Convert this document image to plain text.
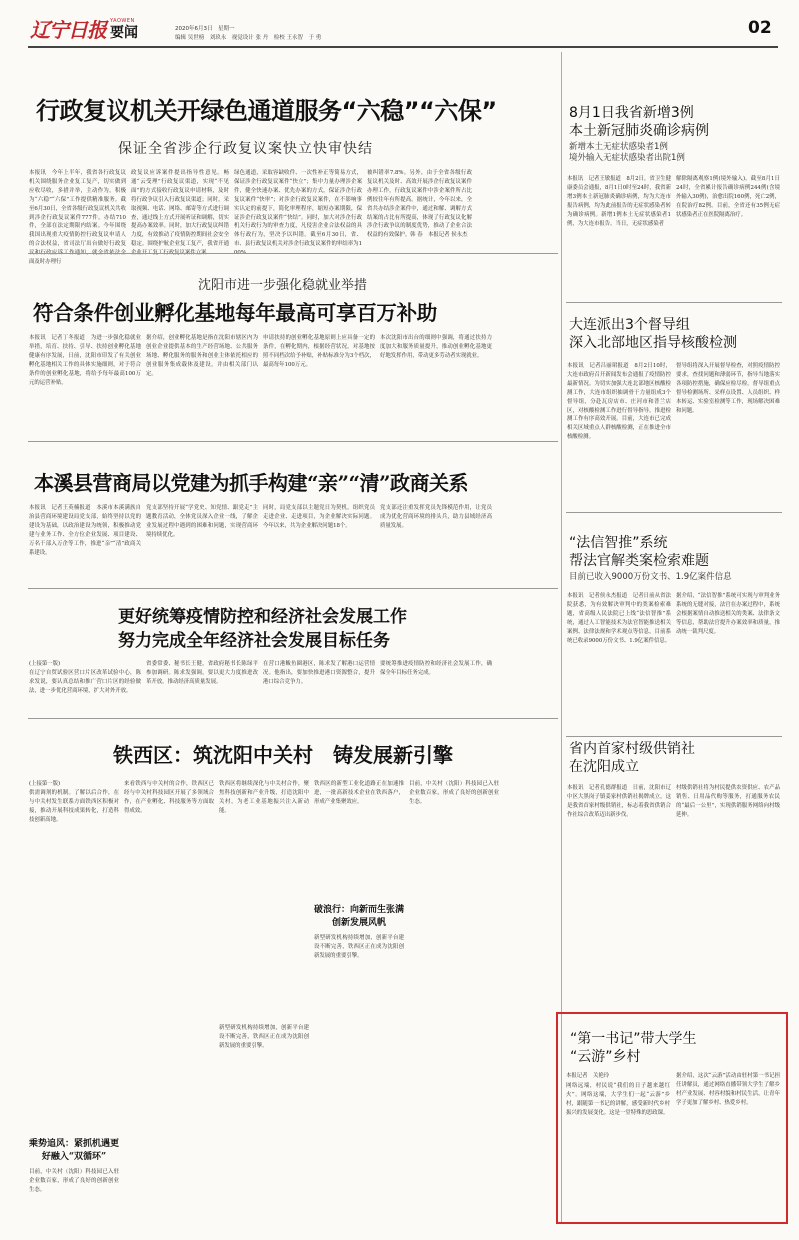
辽宁日报 YAOWEN
要闻	2020年6月3日　星期一
编辑 吴世榜　刘玖永　视觉设计 张 丹　检校 王永智　于 勇	02
行政复议机关开绿色通道服务“六稳”“六保”
保证全省涉企行政复议案快立快审快结
本报讯　今年上半年，我省各行政复议机关围绕服务企业复工复产，切实做到应收尽收，多措并举，主动作为，积极为“六稳”“六保”工作提供精准服务。截至6月30日，全省各级行政复议机关共收到涉企行政复议案件777件，办结710件，全部在法定期限内结案。今年围绕我国出现重大疫情防控行政复议申请人的合法权益，省司法厅出台做好行政复 面及时办理行
政复议应诉案件提出指导性意见。畅通“云受理”行政复议渠道，实现“不见面”的方式接收行政复议申请材料，及时将行政争议引入行政复议渠道；同时，采取视频、电话、网络、邮寄等方式进行调查，通过线上方式开展听证和调解，切实提高办案效率。同时，加大行政复议纠错力度，有效推动了疫情防控期间社会安全稳定。围绕护航企业复工复产，我省开通
绿色通道，采取容缺收件、一次性补正等简易方式，保证涉企行政复议案件“快立”；集中力量办理涉企案件，健全快速办案、优先办案的方式，保证涉企行政复议案件“快审”；对涉企行政复议案件，在不影响事实认定的前提下，简化审理程序，缩短办案期限，保证涉企行政复议案件“快结”。同时，加大对涉企行政机关行政行为的审查力度，凡侵害企业合法权益的具体行政行为，坚决予以纠错。截至6月30日，省、市、县行政复议机关对涉企行政复议案件的审结率为1
被纠错率7.8%。另外，由于全省各级行政复议机关及时、高效开展涉企行政复议案件办理工作，行政复议案件中涉企案件所占比例较往年有所提高。据统计，今年以来，全省共办结涉企案件中，通过和解、调解方式结案的占比有所提高，体现了行政复议化解涉企行政争议的制度优势，推动了企业合法权益的有效保护。韩 春　本报记者 侯永杰
沈阳市进一步强化稳就业举措
符合条件创业孵化基地每年最高可享百万补助
本报讯　记者丁冬报道　为进一步强化稳就业举措，培育、扶持、引导、扶持创业孵化基地健康有序发展，日前，沈阳市印发了有关创业孵化基地相关工作的具体实施细则，对于符合条件的创业孵化基地，将给予每年最高100万元的运营补贴。
据介绍，创业孵化基地是指在沈阳市辖区内为创业企业提供基本的生产经营场地、公共服务场地、孵化服务的服务和创业主体依托相应的创业服务集成载体及建设，并由相关部门认定。
申请扶持的创业孵化基地原则上应具备一定的条件，在孵化期内，根据经营状况，对基地按照不同档次给予补贴，补贴标准分为3个档次，最高每年100万元。
本次沈阳市出台的细则中强调，将通过扶持力度加大和服务质量提升，推动创业孵化基地更好地发挥作用，带动更多劳动者实现就业。
本溪县营商局以党建为抓手构建“亲”“清”政商关系
本报讯　记者王英楠报道　本溪市本溪满族自治县营商环境建设局党支部，始终坚持以党的建设为基础，以政治建设为统领，积极推动党建与业务工作、全方位企业发展、项目建设、万名干部入万企等工作，推进“亲”“清”政商关系建设。
党支部坚持开展“学党史、知党情、跟党走”主题教育活动，全体党员深入企业一线，了解企业发展过程中遇到的困难和问题，实现营商环境持续优化。
同时，局党支部以主题党日为契机，组织党员走进企业、走进项目，为企业解决实际问题。今年以来，共为企业解决问题18个。
党支部还注重发挥党员先锋模范作用，让党员成为优化营商环境的排头兵，助力县域经济高质量发展。
更好统筹疫情防控和经济社会发展工作
努力完成全年经济社会发展目标任务
(上接第一版)
在辽宁自贸试验区营口片区改革试验中心，陈求发说，要认真总结和推广营口片区的经验做法，进一步优化营商环境，扩大对外开放。
省委常委、秘书长王健，省政府秘书长陈绿平参加调研。陈求发强调，要以更大力度推进改革开放，推动经济高质量发展。
在营口港鲅鱼圈港区，陈求发了解港口运营情况。他指出，要加快推进港口资源整合，提升港口综合竞争力。
要统筹推进疫情防控和经济社会发展工作，确保全年目标任务完成。
铁西区：筑沈阳中关村　铸发展新引擎
(上接第一版)
供需调剂的机制。了解以后合作，在与中关村发生联系方面铁西区积极对接，推动开展科技成果转化，打造科技创新高地。
乘势追风：紧抓机遇更好融入“双循环”
目前，中关村（沈阳）科技园已入驻企业数百家，形成了良好的创新创业生态。
来看铁西与中关村的合作，铁西区已经与中关村科技园区开展了多领域合作，在产业孵化、科技服务等方面取得成效。
铁西区将继续深化与中关村合作，聚焦科技创新和产业升级，打造沈阳中关村，为老工业基地振兴注入新动能。
破浪行：向新而生张满创新发展风帆
铁西区的新型工业化道路正在加速推进，一批高新技术企业在铁西落户，形成产业集聚效应。
新型研发机构持续增加，创新平台建设不断完善，铁西区正在成为沈阳创新发展的重要引擎。
新型研发机构持续增加，创新平台建设不断完善，铁西区正在成为沈阳创新发展的重要引擎。
目前，中关村（沈阳）科技园已入驻企业数百家，形成了良好的创新创业生态。
8月1日我省新增3例
本土新冠肺炎确诊病例
新增本土无症状感染者1例
境外输入无症状感染者出院1例
本报讯　记者王敏报道　8月2日，省卫生健康委员会通报，8月1日0时至24时，我省新增3例本土新冠肺炎确诊病例，均为大连市报告病例，均为此前报告的无症状感染者转为确诊病例。新增1例本土无症状感染者1例，为大连市报告。当日，无症状感染者
解除隔离观察1例(境外输入)。截至8月1日24时，全省累计报告确诊病例244例(含境外输入30例)，治愈出院160例，死亡2例，在院治疗82例。目前，全省还有35例无症状感染者正在医院隔离治疗。
大连派出3个督导组
深入北部地区指导核酸检测
本报讯　记者吕丽珺报道　8月2日10时，大连市政府召开新闻发布会通报了疫情防控最新情况。为切实加强大连北部地区核酸检测工作，大连市组织抽调骨干力量组成3个督导组，分赴瓦房店市、庄河市和普兰店区，对核酸检测工作进行督导指导，推进检测工作有序高效开展。目前，大连市已完成相关区域重点人群核酸检测，正在推进全市核酸检测。
督导组将深入开展督导检查，对照疫情防控要求，查找问题和薄弱环节，指导当地落实各项防控措施，确保应检尽检。督导组重点督导检测场所、采样点设置、人员组织、样本转运、实验室检测等工作，现场解决困难和问题。
“法信智推”系统
帮法官解类案检索难题
目前已收入9000万份文书、1.9亿案件信息
本报讯　记者侯永杰报道　记者日前从省法院获悉，为有效解决审判中的类案检索难题，省高级人民法院已上线“法信智推”系统，通过人工智能技术为法官智能推送相关案例、法律法规和学术观点等信息，目前系统已收录9000万份文书、1.9亿案件信息。
据介绍，“法信智推”系统可实现与审判业务系统的无缝对接，法官在办案过程中，系统会根据案情自动推送相关的类案、法律条文等信息，帮助法官提升办案效率和质量，推动统一裁判尺度。
省内首家村级供销社
在沈阳成立
本报讯　记者孔德群报道　日前，沈阳市辽中区大黑岗子镇姜家村供销社揭牌成立，这是我省首家村级供销社，标志着我省供销合作社综合改革迈出新步伐。
村级供销社将为村民提供农资供应、农产品销售、日用品代购等服务，打通服务农民的“最后一公里”，实现供销服务网络向村级延伸。
“第一书记”带大学生
“云游”乡村
本报记者　关艳玲
网络远端，村民说“我们的日子越来越红火”。网络这端，大学生们一起“云游”乡村，跟随第一书记的讲解，感受新时代乡村振兴的发展变化。这是一堂特殊的思政课。
据介绍，这次“云游”活动由驻村第一书记担任讲解员，通过网络直播带领大学生了解乡村产业发展、村容村貌和村民生活，让青年学子更加了解乡村、热爱乡村。
